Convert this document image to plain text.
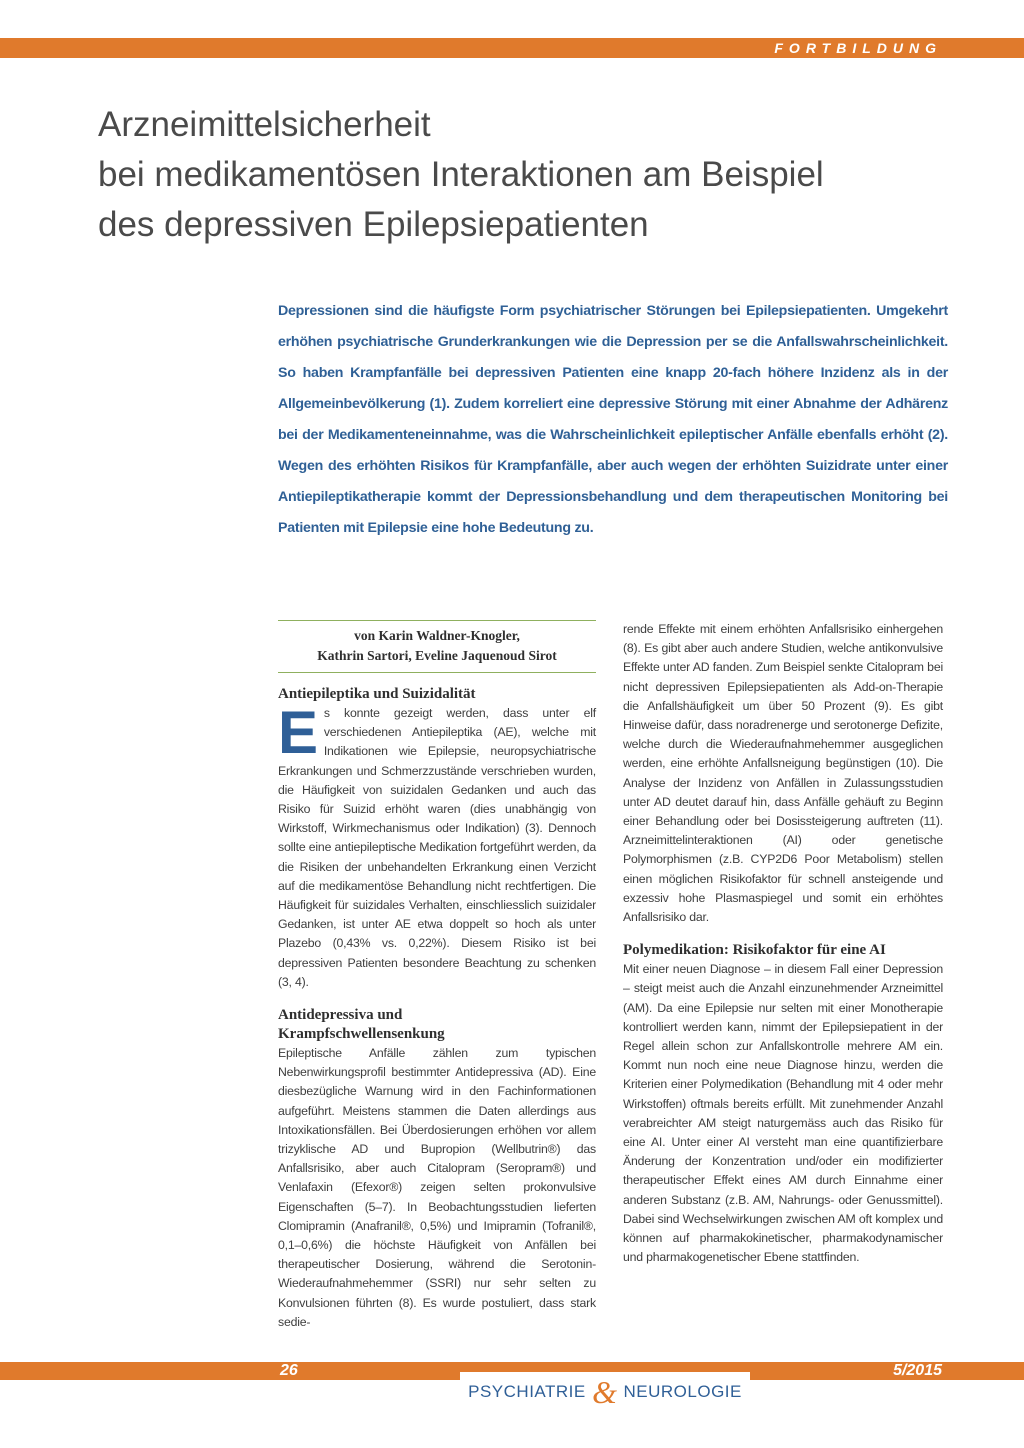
FORTBILDUNG
Arzneimittelsicherheit
bei medikamentösen Interaktionen am Beispiel
des depressiven Epilepsiepatienten

Depressionen sind die häufigste Form psychiatrischer Störungen bei Epilepsiepatienten. Umgekehrt erhöhen psychiatrische Grunderkrankungen wie die Depression per se die Anfallswahrscheinlichkeit. So haben Krampfanfälle bei depressiven Patienten eine knapp 20-fach höhere Inzidenz als in der Allgemeinbevölkerung (1). Zudem korreliert eine depressive Störung mit einer Abnahme der Adhärenz bei der Medikamenteneinnahme, was die Wahrscheinlichkeit epileptischer Anfälle ebenfalls erhöht (2). Wegen des erhöhten Risikos für Krampfanfälle, aber auch wegen der erhöhten Suizidrate unter einer Antiepileptikatherapie kommt der Depressionsbehandlung und dem therapeutischen Monitoring bei Patienten mit Epilepsie eine hohe Bedeutung zu.

von Karin Waldner-Knogler,
Kathrin Sartori, Eveline Jaquenoud Sirot
Antiepileptika und Suizidalität

Es konnte gezeigt werden, dass unter elf verschiedenen Antiepileptika (AE), welche mit Indikationen wie Epilepsie, neuropsychiatrische Erkrankungen und Schmerzzustände verschrieben wurden, die Häufigkeit von suizidalen Gedanken und auch das Risiko für Suizid erhöht waren (dies unabhängig von Wirkstoff, Wirkmechanismus oder Indikation) (3). Dennoch sollte eine antiepileptische Medikation fortgeführt werden, da die Risiken der unbehandelten Erkrankung einen Verzicht auf die medikamentöse Behandlung nicht rechtfertigen. Die Häufigkeit für suizidales Verhalten, einschliesslich suizidaler Gedanken, ist unter AE etwa doppelt so hoch als unter Plazebo (0,43% vs. 0,22%). Diesem Risiko ist bei depressiven Patienten besondere Beachtung zu schenken (3, 4).

Antidepressiva und
Krampfschwellensenkung

Epileptische Anfälle zählen zum typischen Nebenwirkungsprofil bestimmter Antidepressiva (AD). Eine diesbezügliche Warnung wird in den Fachinformationen aufgeführt. Meistens stammen die Daten allerdings aus Intoxikationsfällen. Bei Überdosierungen erhöhen vor allem trizyklische AD und Bupropion (Wellbutrin®) das Anfallsrisiko, aber auch Citalopram (Seropram®) und Venlafaxin (Efexor®) zeigen selten prokonvulsive Eigenschaften (5–7). In Beobachtungsstudien lieferten Clomipramin (Anafranil®, 0,5%) und Imipramin (Tofranil®, 0,1–0,6%) die höchste Häufigkeit von Anfällen bei therapeutischer Dosierung, während die Serotonin-Wiederaufnahmehemmer (SSRI) nur sehr selten zu Konvulsionen führten (8). Es wurde postuliert, dass stark sedie-

rende Effekte mit einem erhöhten Anfallsrisiko einhergehen (8). Es gibt aber auch andere Studien, welche antikonvulsive Effekte unter AD fanden. Zum Beispiel senkte Citalopram bei nicht depressiven Epilepsiepatienten als Add-on-Therapie die Anfallshäufigkeit um über 50 Prozent (9). Es gibt Hinweise dafür, dass noradrenerge und serotonerge Defizite, welche durch die Wiederaufnahmehemmer ausgeglichen werden, eine erhöhte Anfallsneigung begünstigen (10). Die Analyse der Inzidenz von Anfällen in Zulassungsstudien unter AD deutet darauf hin, dass Anfälle gehäuft zu Beginn einer Behandlung oder bei Dosissteigerung auftreten (11). Arzneimittelinteraktionen (AI) oder genetische Polymorphismen (z.B. CYP2D6 Poor Metabolism) stellen einen möglichen Risikofaktor für schnell ansteigende und exzessiv hohe Plasmaspiegel und somit ein erhöhtes Anfallsrisiko dar.

Polymedikation: Risikofaktor für eine AI

Mit einer neuen Diagnose – in diesem Fall einer Depression – steigt meist auch die Anzahl einzunehmender Arzneimittel (AM). Da eine Epilepsie nur selten mit einer Monotherapie kontrolliert werden kann, nimmt der Epilepsiepatient in der Regel allein schon zur Anfallskontrolle mehrere AM ein. Kommt nun noch eine neue Diagnose hinzu, werden die Kriterien einer Polymedikation (Behandlung mit 4 oder mehr Wirkstoffen) oftmals bereits erfüllt. Mit zunehmender Anzahl verabreichter AM steigt naturgemäss auch das Risiko für eine AI. Unter einer AI versteht man eine quantifizierbare Änderung der Konzentration und/oder ein modifizierter therapeutischer Effekt eines AM durch Einnahme einer anderen Substanz (z.B. AM, Nahrungs- oder Genussmittel). Dabei sind Wechselwirkungen zwischen AM oft komplex und können auf pharmakokinetischer, pharmakodynamischer und pharmakogenetischer Ebene stattfinden.

26	5/2015
PSYCHIATRIE & NEUROLOGIE
